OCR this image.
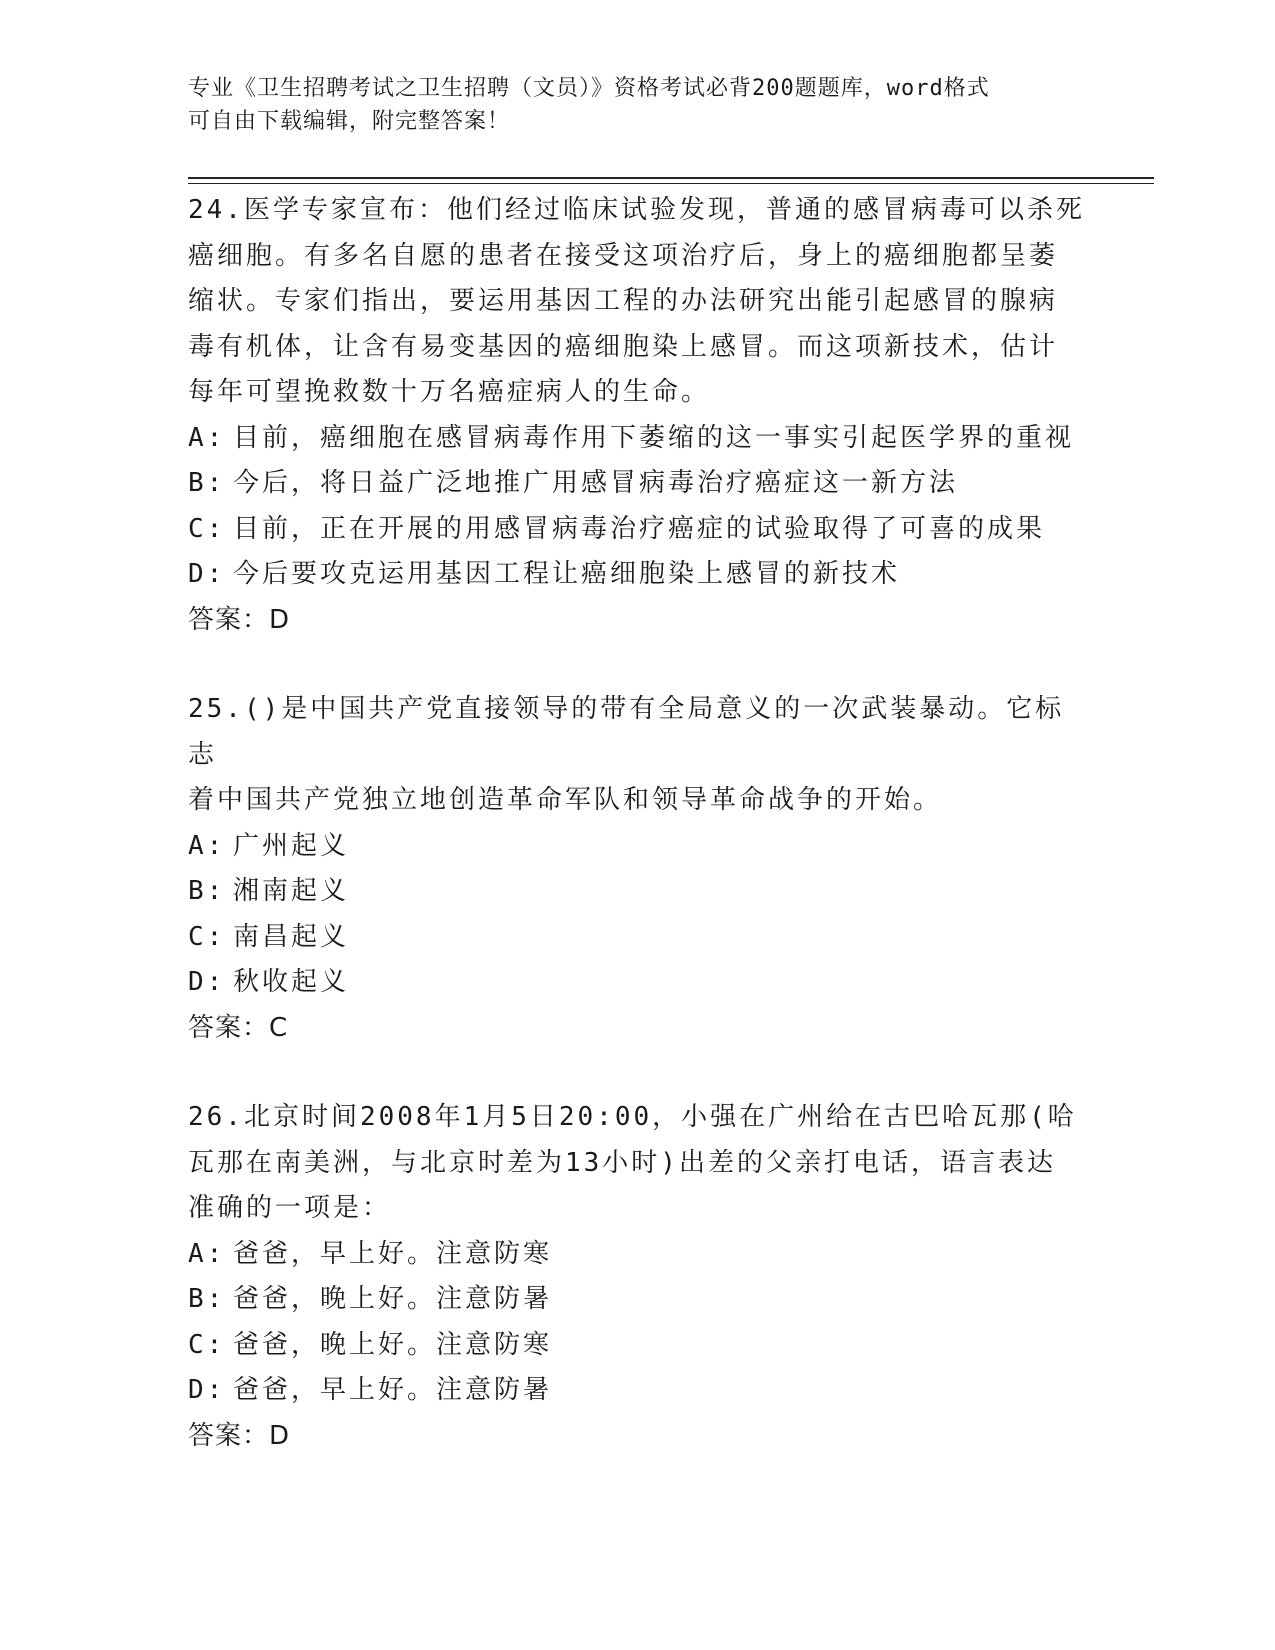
专业《卫生招聘考试之卫生招聘（文员）》资格考试必背200题题库，word格式
可自由下载编辑，附完整答案！
24.医学专家宣布：他们经过临床试验发现，普通的感冒病毒可以杀死
癌细胞。有多名自愿的患者在接受这项治疗后，身上的癌细胞都呈萎
缩状。专家们指出，要运用基因工程的办法研究出能引起感冒的腺病
毒有机体，让含有易变基因的癌细胞染上感冒。而这项新技术，估计
每年可望挽救数十万名癌症病人的生命。
A: 目前，癌细胞在感冒病毒作用下萎缩的这一事实引起医学界的重视
B: 今后，将日益广泛地推广用感冒病毒治疗癌症这一新方法
C: 目前，正在开展的用感冒病毒治疗癌症的试验取得了可喜的成果
D: 今后要攻克运用基因工程让癌细胞染上感冒的新技术
答案：D
25.()是中国共产党直接领导的带有全局意义的一次武装暴动。它标志
着中国共产党独立地创造革命军队和领导革命战争的开始。
A: 广州起义
B: 湘南起义
C: 南昌起义
D: 秋收起义
答案：C
26.北京时间2008年1月5日20:00，小强在广州给在古巴哈瓦那(哈
瓦那在南美洲，与北京时差为13小时)出差的父亲打电话，语言表达
准确的一项是：
A: 爸爸，早上好。注意防寒
B: 爸爸，晚上好。注意防暑
C: 爸爸，晚上好。注意防寒
D: 爸爸，早上好。注意防暑
答案：D
